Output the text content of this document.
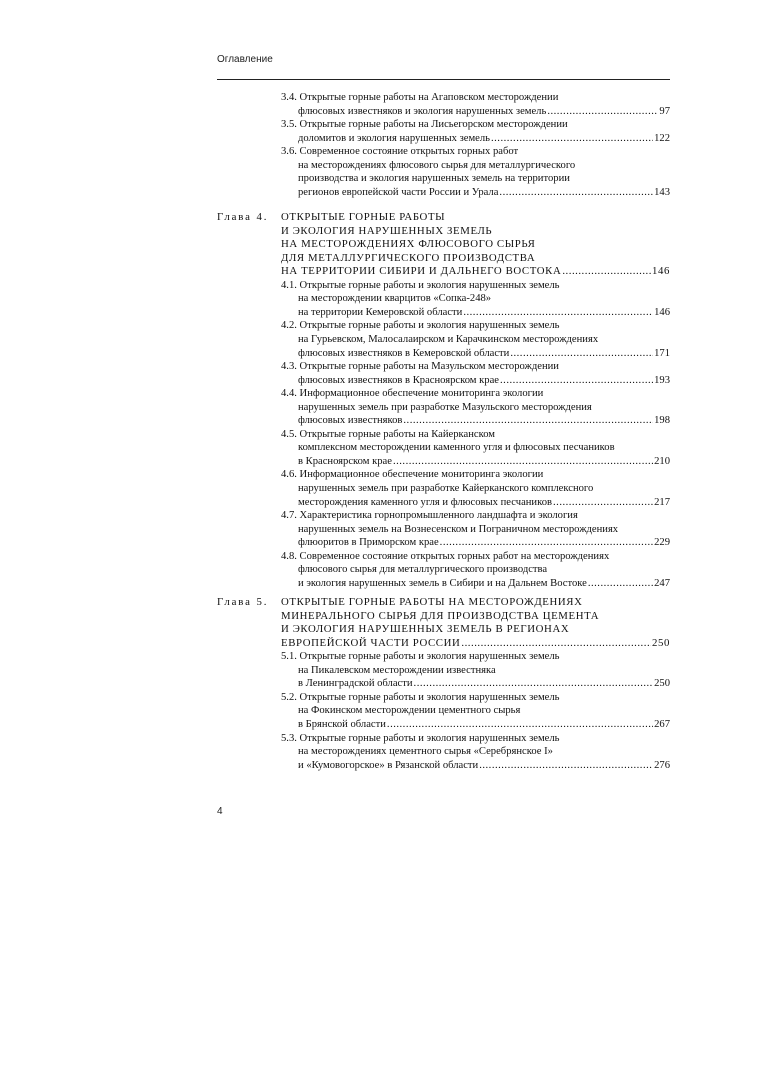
Оглавление
3.4. Открытые горные работы на Агаповском месторождении
флюсовых известняков и экология нарушенных земель .....	97
3.5. Открытые горные работы на Лисьегорском месторождении
доломитов и экология нарушенных земель .....	122
3.6. Современное состояние открытых горных работ
на месторождениях флюсового сырья для металлургического
производства и экология нарушенных земель на территории
регионов европейской части России и Урала .....	143
Глава 4. ОТКРЫТЫЕ ГОРНЫЕ РАБОТЫ
И ЭКОЛОГИЯ НАРУШЕННЫХ ЗЕМЕЛЬ
НА МЕСТОРОЖДЕНИЯХ ФЛЮСОВОГО СЫРЬЯ
ДЛЯ МЕТАЛЛУРГИЧЕСКОГО ПРОИЗВОДСТВА
НА ТЕРРИТОРИИ СИБИРИ И ДАЛЬНЕГО ВОСТОКА .....	146
4.1. Открытые горные работы и экология нарушенных земель
на месторождении кварцитов «Сопка-248»
на территории Кемеровской области .....	146
4.2. Открытые горные работы и экология нарушенных земель
на Гурьевском, Малосалаирском и Карачкинском месторождениях
флюсовых известняков в Кемеровской области .....	171
4.3. Открытые горные работы на Мазульском месторождении
флюсовых известняков в Красноярском крае .....	193
4.4. Информационное обеспечение мониторинга экологии
нарушенных земель при разработке Мазульского месторождения
флюсовых известняков .....	198
4.5. Открытые горные работы на Кайерканском
комплексном месторождении каменного угля и флюсовых песчаников
в Красноярском крае .....	210
4.6. Информационное обеспечение мониторинга экологии
нарушенных земель при разработке Кайерканского комплексного
месторождения каменного угля и флюсовых песчаников .....	217
4.7. Характеристика горнопромышленного ландшафта и экология
нарушенных земель на Вознесенском и Пограничном месторождениях
флюоритов в Приморском крае .....	229
4.8. Современное состояние открытых горных работ на месторождениях
флюсового сырья для металлургического производства
и экология нарушенных земель в Сибири и на Дальнем Востоке .....	247
Глава 5. ОТКРЫТЫЕ ГОРНЫЕ РАБОТЫ НА МЕСТОРОЖДЕНИЯХ
МИНЕРАЛЬНОГО СЫРЬЯ ДЛЯ ПРОИЗВОДСТВА ЦЕМЕНТА
И ЭКОЛОГИЯ НАРУШЕННЫХ ЗЕМЕЛЬ В РЕГИОНАХ
ЕВРОПЕЙСКОЙ ЧАСТИ РОССИИ .....	250
5.1. Открытые горные работы и экология нарушенных земель
на Пикалевском месторождении известняка
в Ленинградской области .....	250
5.2. Открытые горные работы и экология нарушенных земель
на Фокинском месторождении цементного сырья
в Брянской области .....	267
5.3. Открытые горные работы и экология нарушенных земель
на месторождениях цементного сырья «Серебрянское I»
и «Кумовогорское» в Рязанской области .....	276
4
